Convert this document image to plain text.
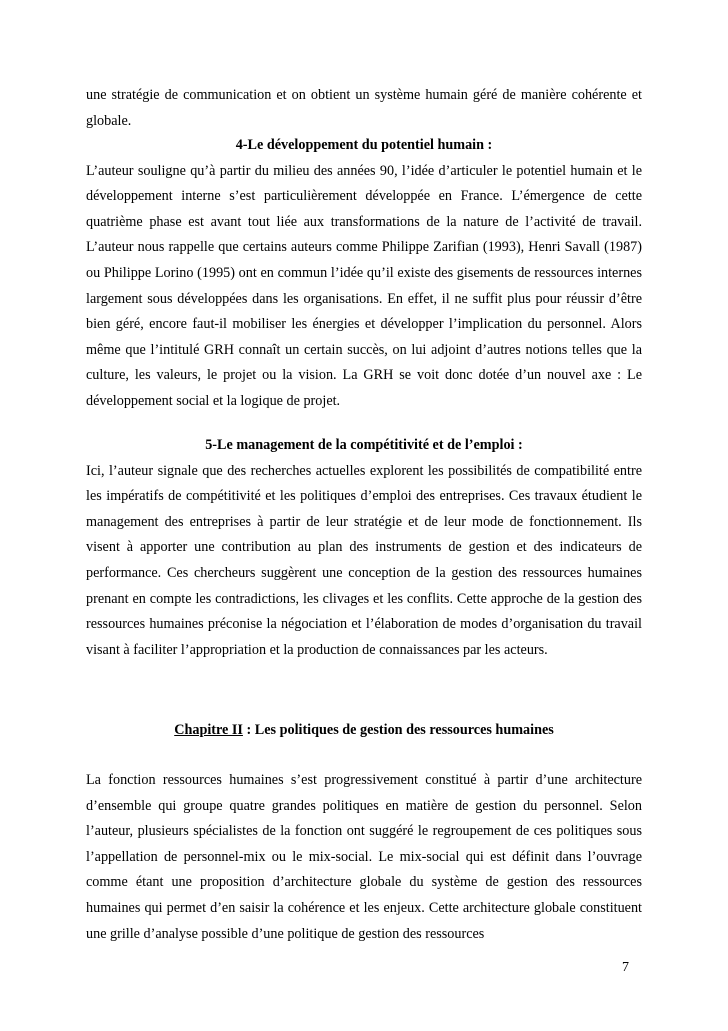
une stratégie de communication et on obtient un système humain géré de manière cohérente et globale.

4-Le développement du potentiel humain :

L’auteur souligne qu’à partir du milieu des années 90, l’idée d’articuler le potentiel humain et le développement interne s’est particulièrement développée en France. L’émergence de cette quatrième phase est avant tout liée aux transformations de la nature de l’activité de travail. L’auteur nous rappelle que certains auteurs comme Philippe Zarifian (1993), Henri Savall (1987) ou Philippe Lorino (1995) ont en commun l’idée qu’il existe des gisements de ressources internes largement sous développées dans les organisations. En effet, il ne suffit plus pour réussir d’être bien géré, encore faut-il mobiliser les énergies et développer l’implication du personnel. Alors même que l’intitulé GRH connaît un certain succès, on lui adjoint d’autres notions telles que la culture, les valeurs, le projet ou la vision. La GRH se voit donc dotée d’un nouvel axe : Le développement social et la logique de projet.

5-Le management de la compétitivité et de l’emploi :

Ici, l’auteur signale que des recherches actuelles explorent les possibilités de compatibilité entre les impératifs de compétitivité et les politiques d’emploi des entreprises. Ces travaux étudient le management des entreprises à partir de leur stratégie et de leur mode de fonctionnement. Ils visent à apporter une contribution au plan des instruments de gestion et des indicateurs de performance. Ces chercheurs suggèrent une conception de la gestion des ressources humaines prenant en compte les contradictions, les clivages et les conflits. Cette approche de la gestion des ressources humaines préconise la négociation et l’élaboration de modes d’organisation du travail visant à faciliter l’appropriation et la production de connaissances par les acteurs.

Chapitre II : Les politiques de gestion des ressources humaines

La fonction ressources humaines s’est progressivement constitué à partir d’une architecture d’ensemble qui groupe quatre grandes politiques en matière de gestion du personnel. Selon l’auteur, plusieurs spécialistes de la fonction ont suggéré le regroupement de ces politiques sous l’appellation de personnel-mix ou le mix-social. Le mix-social qui est définit dans l’ouvrage comme étant une proposition d’architecture globale du système de gestion des ressources humaines qui permet d’en saisir la cohérence et les enjeux. Cette architecture globale constituent une grille d’analyse possible d’une politique de gestion des ressources

7
